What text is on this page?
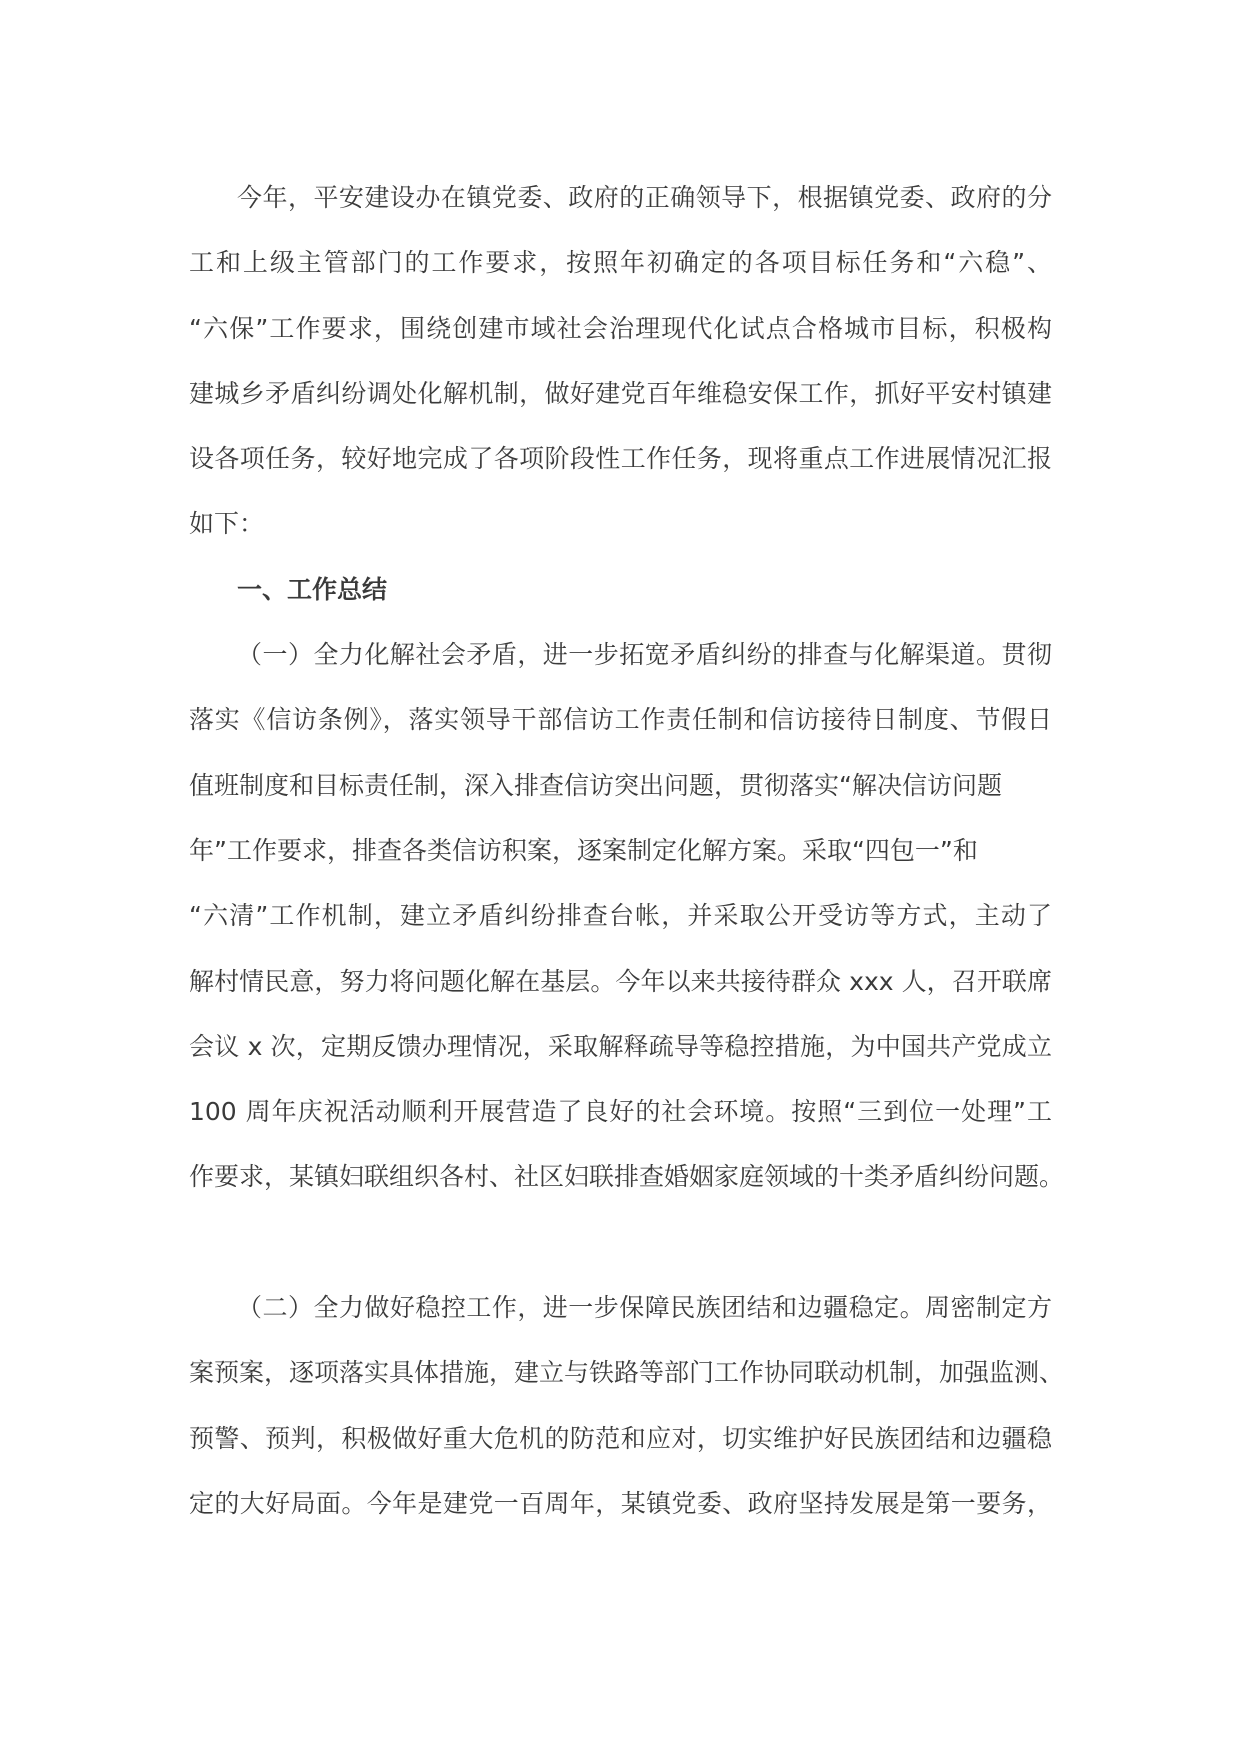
今年，平安建设办在镇党委、政府的正确领导下，根据镇党委、政府的分
工和上级主管部门的工作要求，按照年初确定的各项目标任务和“六稳”、
“六保”工作要求，围绕创建市域社会治理现代化试点合格城市目标，积极构
建城乡矛盾纠纷调处化解机制，做好建党百年维稳安保工作，抓好平安村镇建
设各项任务，较好地完成了各项阶段性工作任务，现将重点工作进展情况汇报
如下：
一、工作总结
（一）全力化解社会矛盾，进一步拓宽矛盾纠纷的排查与化解渠道。贯彻
落实《信访条例》，落实领导干部信访工作责任制和信访接待日制度、节假日
值班制度和目标责任制，深入排查信访突出问题，贯彻落实“解决信访问题
年”工作要求，排查各类信访积案，逐案制定化解方案。采取“四包一”和
“六清”工作机制，建立矛盾纠纷排查台帐，并采取公开受访等方式，主动了
解村情民意，努力将问题化解在基层。今年以来共接待群众 xxx 人，召开联席
会议 x 次，定期反馈办理情况，采取解释疏导等稳控措施，为中国共产党成立
100 周年庆祝活动顺利开展营造了良好的社会环境。按照“三到位一处理”工
作要求，某镇妇联组织各村、社区妇联排查婚姻家庭领域的十类矛盾纠纷问题。
（二）全力做好稳控工作，进一步保障民族团结和边疆稳定。周密制定方
案预案，逐项落实具体措施，建立与铁路等部门工作协同联动机制，加强监测、
预警、预判，积极做好重大危机的防范和应对，切实维护好民族团结和边疆稳
定的大好局面。今年是建党一百周年，某镇党委、政府坚持发展是第一要务，
